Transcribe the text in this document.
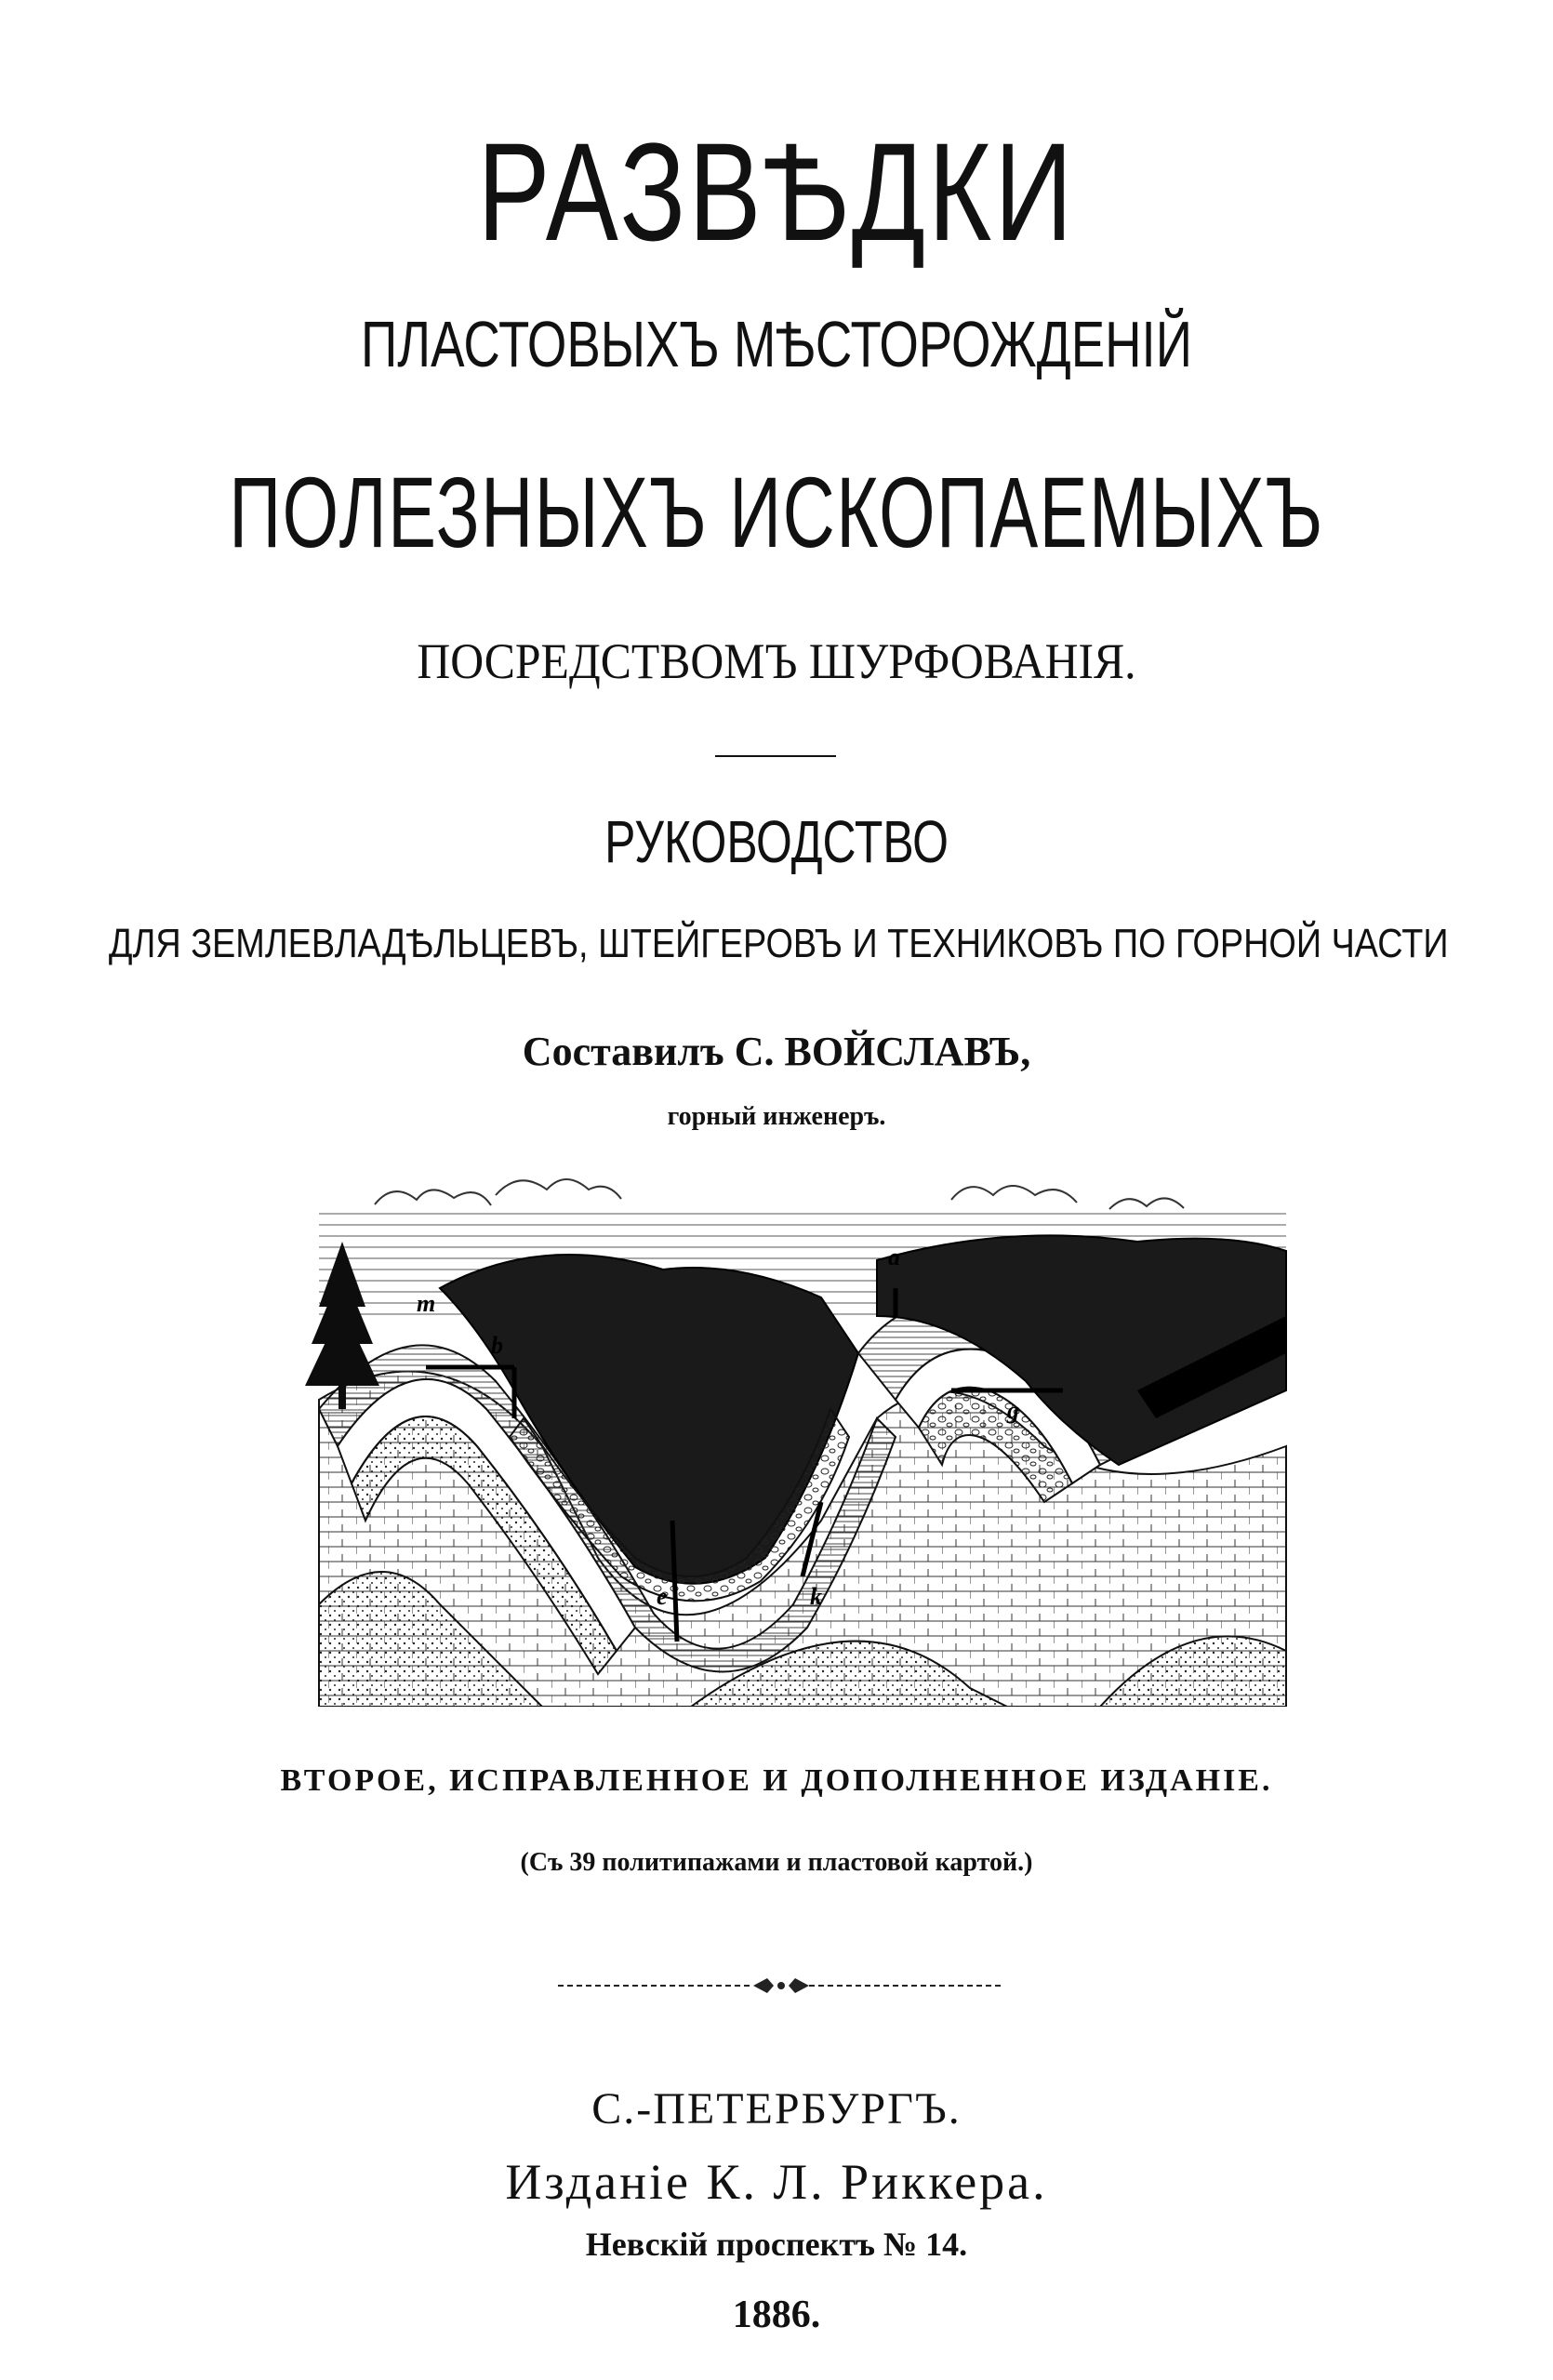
РАЗВѢДКИ
ПЛАСТОВЫХЪ МѢСТОРОЖДЕНIЙ
ПОЛЕЗНЫХЪ ИСКОПАЕМЫХЪ
ПОСРЕДСТВОМЪ ШУРФОВАНIЯ.
РУКОВОДСТВО
ДЛЯ ЗЕМЛЕВЛАДѢЛЬЦЕВЪ, ШТЕЙГЕРОВЪ И ТЕХНИКОВЪ ПО ГОРНОЙ ЧАСТИ
Составилъ С. ВОЙСЛАВЪ,
горный инженеръ.
m
a
b
g
e	k
ВТОРОЕ, ИСПРАВЛЕННОЕ И ДОПОЛНЕННОЕ ИЗДАНIЕ.
(Съ 39 политипажами и пластовой картой.)
С.-ПЕТЕРБУРГЪ.
Изданiе К. Л. Риккера.
Невскiй проспектъ № 14.
1886.
